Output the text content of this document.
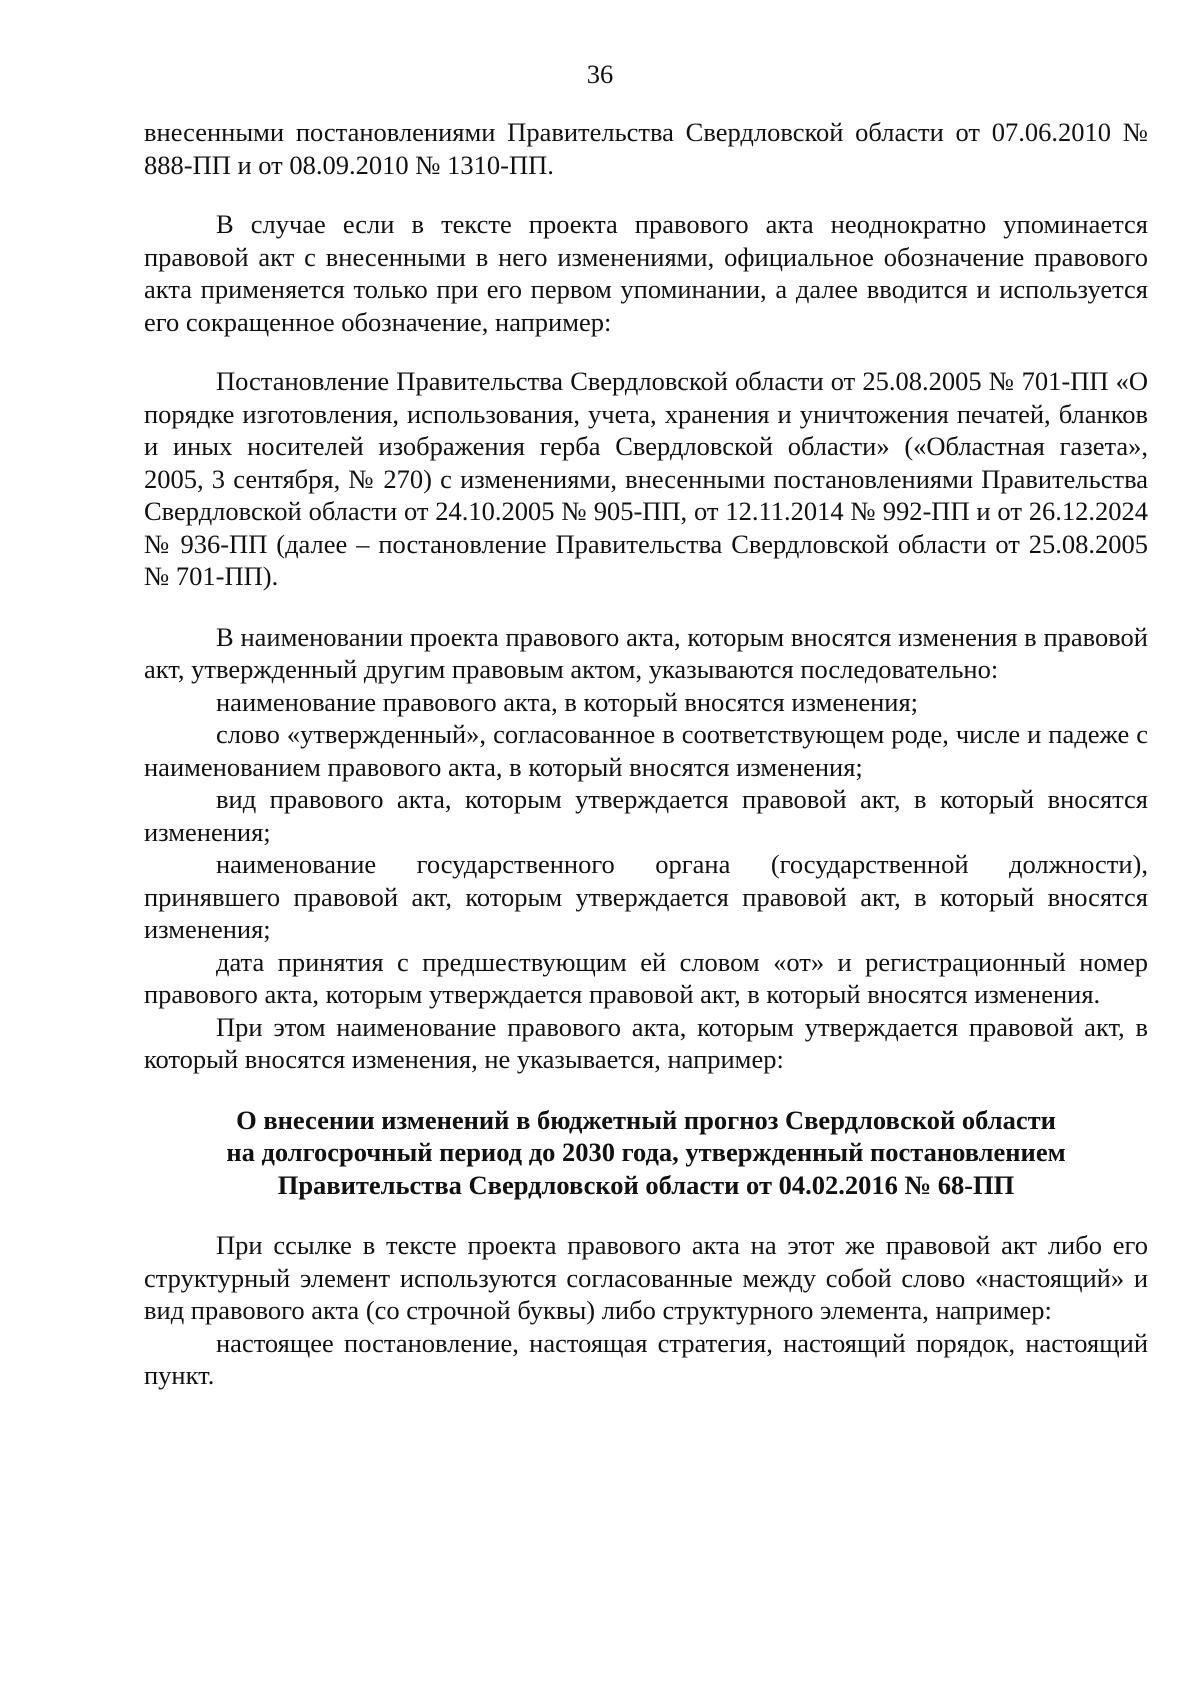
36

внесенными постановлениями Правительства Свердловской области от 07.06.2010 № 888-ПП и от 08.09.2010 № 1310-ПП.

В случае если в тексте проекта правового акта неоднократно упоминается правовой акт с внесенными в него изменениями, официальное обозначение правового акта применяется только при его первом упоминании, а далее вводится и используется его сокращенное обозначение, например:

Постановление Правительства Свердловской области от 25.08.2005 № 701-ПП «О порядке изготовления, использования, учета, хранения и уничтожения печатей, бланков и иных носителей изображения герба Свердловской области» («Областная газета», 2005, 3 сентября, № 270) с изменениями, внесенными постановлениями Правительства Свердловской области от 24.10.2005 № 905-ПП, от 12.11.2014 № 992-ПП и от 26.12.2024 № 936-ПП (далее – постановление Правительства Свердловской области от 25.08.2005 № 701-ПП).

В наименовании проекта правового акта, которым вносятся изменения в правовой акт, утвержденный другим правовым актом, указываются последовательно:

наименование правового акта, в который вносятся изменения;

слово «утвержденный», согласованное в соответствующем роде, числе и падеже с наименованием правового акта, в который вносятся изменения;

вид правового акта, которым утверждается правовой акт, в который вносятся изменения;

наименование государственного органа (государственной должности), принявшего правовой акт, которым утверждается правовой акт, в который вносятся изменения;

дата принятия с предшествующим ей словом «от» и регистрационный номер правового акта, которым утверждается правовой акт, в который вносятся изменения.

При этом наименование правового акта, которым утверждается правовой акт, в который вносятся изменения, не указывается, например:

О внесении изменений в бюджетный прогноз Свердловской области

на долгосрочный период до 2030 года, утвержденный постановлением

Правительства Свердловской области от 04.02.2016 № 68-ПП

При ссылке в тексте проекта правового акта на этот же правовой акт либо его структурный элемент используются согласованные между собой слово «настоящий» и вид правового акта (со строчной буквы) либо структурного элемента, например:

настоящее постановление, настоящая стратегия, настоящий порядок, настоящий пункт.
